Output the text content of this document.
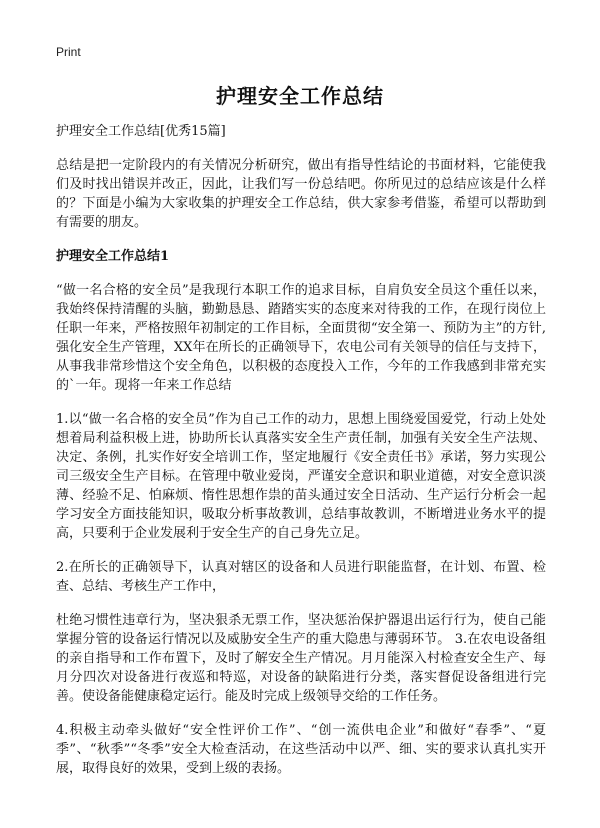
Print
护理安全工作总结

护理安全工作总结[优秀15篇]

总结是把一定阶段内的有关情况分析研究，做出有指导性结论的书面材料，它能使我们及时找出错误并改正，因此，让我们写一份总结吧。你所见过的总结应该是什么样的？下面是小编为大家收集的护理安全工作总结，供大家参考借鉴，希望可以帮助到有需要的朋友。

护理安全工作总结1

“做一名合格的安全员”是我现行本职工作的追求目标，自肩负安全员这个重任以来，我始终保持清醒的头脑，勤勤恳恳、踏踏实实的态度来对待我的工作，在现行岗位上任职一年来，严格按照年初制定的工作目标，全面贯彻“安全第一、预防为主”的方针,强化安全生产管理，XX年在所长的正确领导下，农电公司有关领导的信任与支持下，从事我非常珍惜这个安全角色，以积极的态度投入工作，今年的工作我感到非常充实的`一年。现将一年来工作总结

1.以“做一名合格的安全员”作为自己工作的动力，思想上围绕爱国爱党，行动上处处想着局利益积极上进，协助所长认真落实安全生产责任制，加强有关安全生产法规、决定、条例，扎实作好安全培训工作，坚定地履行《安全责任书》承诺，努力实现公司三级安全生产目标。在管理中敬业爱岗，严谨安全意识和职业道德，对安全意识淡薄、经验不足、怕麻烦、惰性思想作祟的苗头通过安全日活动、生产运行分析会一起学习安全方面技能知识，吸取分析事故教训，总结事故教训，不断增进业务水平的提高，只要利于企业发展利于安全生产的自己身先立足。

2.在所长的正确领导下，认真对辖区的设备和人员进行职能监督，在计划、布置、检查、总结、考核生产工作中，

杜绝习惯性违章行为，坚决狠杀无票工作，坚决惩治保护器退出运行行为，使自己能掌握分管的设备运行情况以及威胁安全生产的重大隐患与薄弱环节。 3.在农电设备组的亲自指导和工作布置下，及时了解安全生产情况。月月能深入村检查安全生产、每月分四次对设备进行夜巡和特巡，对设备的缺陷进行分类，落实督促设备组进行完善。使设备能健康稳定运行。能及时完成上级领导交给的工作任务。

4.积极主动牵头做好“安全性评价工作”、“创一流供电企业”和做好“春季”、“夏季”、“秋季”“冬季”安全大检查活动，在这些活动中以严、细、实的要求认真扎实开展，取得良好的效果，受到上级的表扬。
